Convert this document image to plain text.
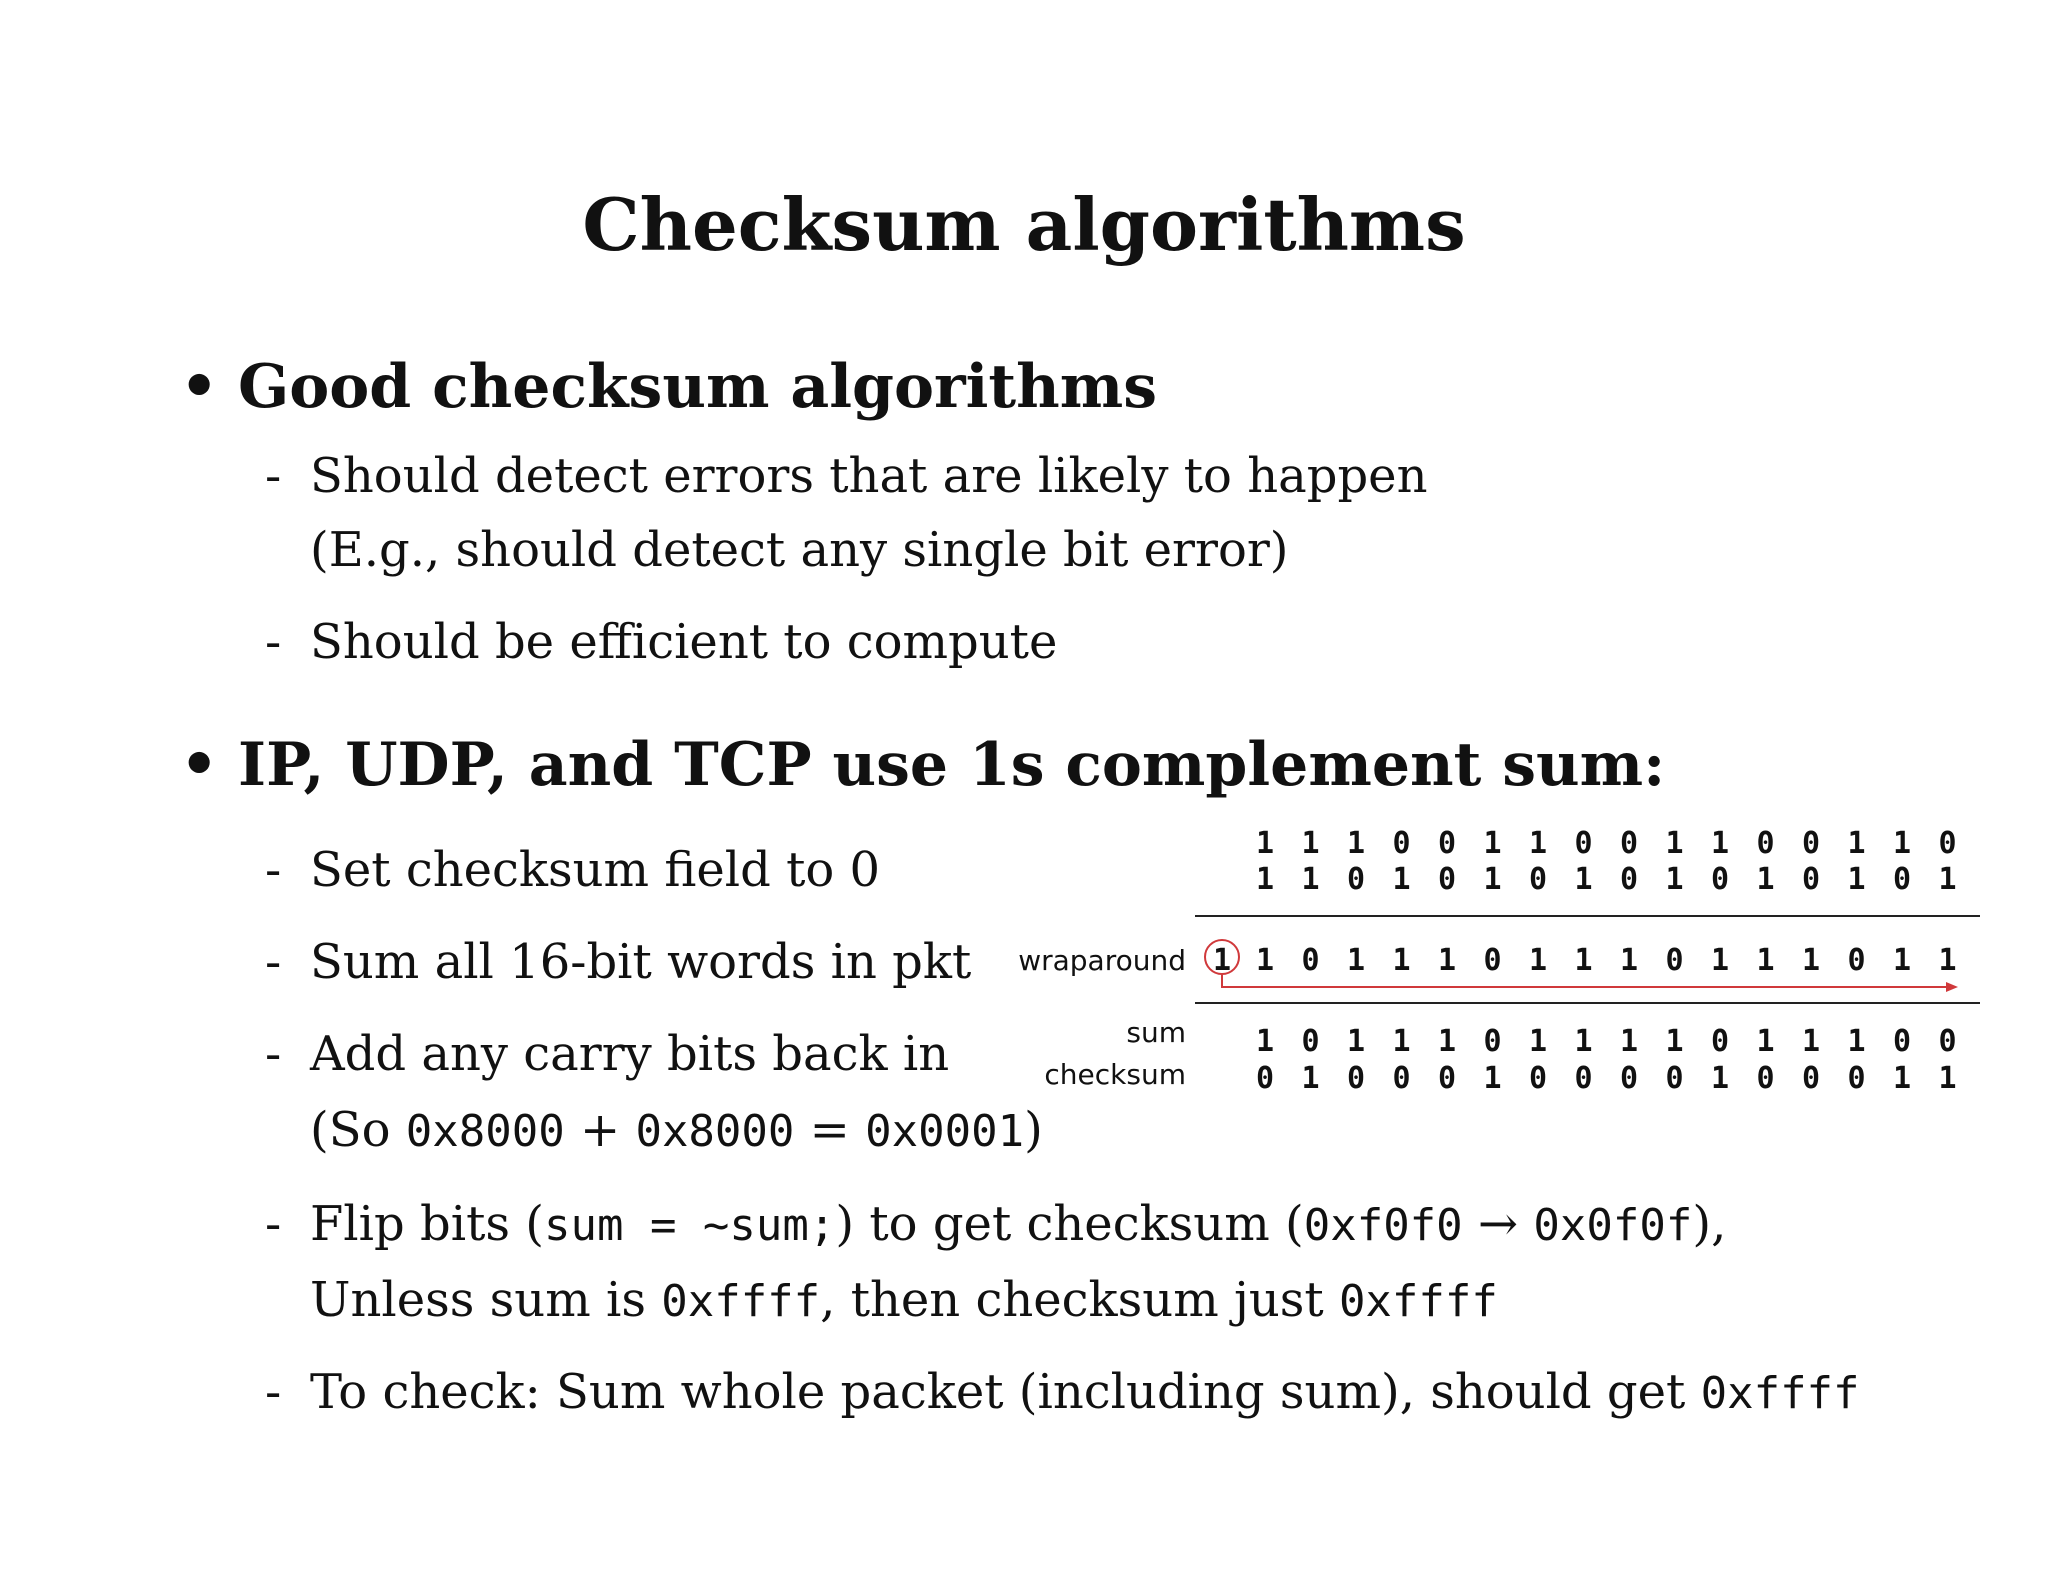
Checksum algorithms
• Good checksum algorithms
- Should detect errors that are likely to happen
(E.g., should detect any single bit error)
- Should be efficient to compute
• IP, UDP, and TCP use 1s complement sum:
- Set checksum field to 0
- Sum all 16-bit words in pkt
- Add any carry bits back in
(So 0x8000 + 0x8000 = 0x0001)
- Flip bits (sum = ~sum;) to get checksum (0xf0f0 → 0x0f0f),
Unless sum is 0xffff, then checksum just 0xffff
- To check: Sum whole packet (including sum), should get 0xffff
1 1 1 0 0 1 1 0 0 1 1 0 0 1 1 0
1 1 0 1 0 1 0 1 0 1 0 1 0 1 0 1
wraparound 1 0 1 1 1 0 1 1 1 0 1 1 1 0 1 1
1
sum 1 0 1 1 1 0 1 1 1 1 0 1 1 1 0 0
checksum 0 1 0 0 0 1 0 0 0 0 1 0 0 0 1 1
